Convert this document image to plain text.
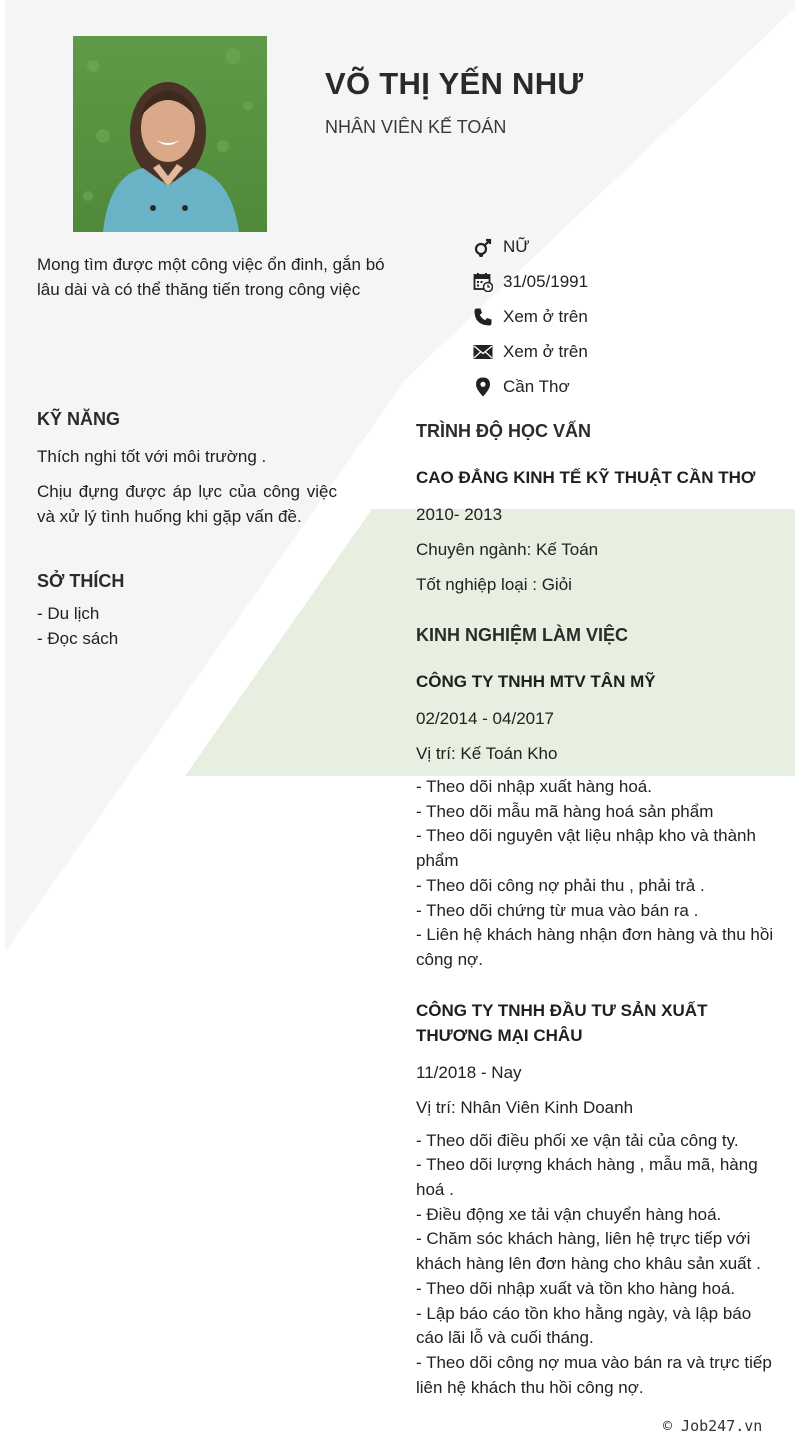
VÕ THỊ YẾN NHƯ
NHÂN VIÊN KẾ TOÁN
Mong tìm được một công việc ổn đinh, gắn bó lâu dài và có thể thăng tiến trong công việc
NỮ
31/05/1991
Xem ở trên
Xem ở trên
Cần Thơ
KỸ NĂNG

Thích nghi tốt với môi trường .

Chịu đựng được áp lực của công việc và xử lý tình huống khi gặp vấn đề.

SỞ THÍCH

- Du lịch

- Đọc sách

TRÌNH ĐỘ HỌC VẤN
CAO ĐẲNG KINH TẾ KỸ THUẬT CẦN THƠ
2010- 2013
Chuyên ngành: Kế Toán
Tốt nghiệp loại : Giỏi
KINH NGHIỆM LÀM VIỆC
CÔNG TY TNHH MTV TÂN MỸ
02/2014 - 04/2017
Vị trí: Kế Toán Kho
- Theo dõi nhập xuất hàng hoá.
- Theo dõi mẫu mã hàng hoá sản phẩm
- Theo dõi nguyên vật liệu nhập kho và thành phẩm
- Theo dõi công nợ phải thu , phải trả .
- Theo dõi chứng từ mua vào bán ra .
- Liên hệ khách hàng nhận đơn hàng và thu hồi công nợ.
CÔNG TY TNHH ĐẦU TƯ SẢN XUẤT THƯƠNG MẠI CHÂU
11/2018 - Nay
Vị trí: Nhân Viên Kinh Doanh
- Theo dõi điều phối xe vận tải của công ty.
- Theo dõi lượng khách hàng , mẫu mã, hàng hoá .
- Điều động xe tải vận chuyển hàng hoá.
- Chăm sóc khách hàng, liên hệ trực tiếp với khách hàng lên đơn hàng cho khâu sản xuất .
- Theo dõi nhập xuất và tồn kho hàng hoá.
- Lập báo cáo tồn kho hằng ngày, và lập báo cáo lãi lỗ và cuối tháng.
- Theo dõi công nợ mua vào bán ra và trực tiếp liên hệ khách thu hồi công nợ.
© Job247.vn
